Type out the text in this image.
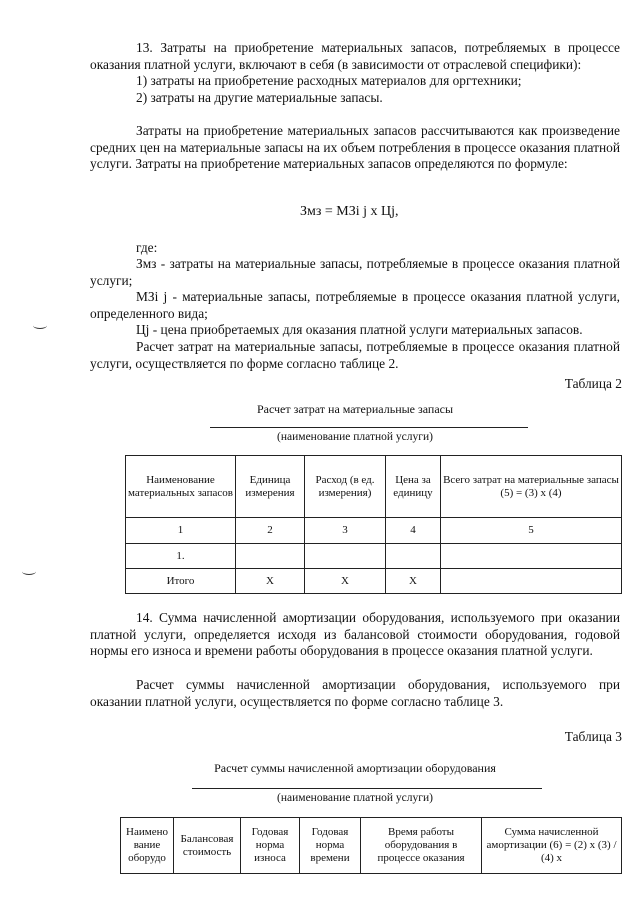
13. Затраты на приобретение материальных запасов, потребляемых в процессе оказания платной услуги, включают в себя (в зависимости от отраслевой специфики):

1) затраты на приобретение расходных материалов для оргтехники;
2) затраты на другие материальные запасы.

Затраты на приобретение материальных запасов рассчитываются как произведение средних цен на материальные запасы на их объем потребления в процессе оказания платной услуги. Затраты на приобретение материальных запасов определяются по формуле:

Змз = МЗi j x Цj,
где:

Змз - затраты на материальные запасы, потребляемые в процессе оказания платной услуги;

МЗi j - материальные запасы, потребляемые в процессе оказания платной услуги, определенного вида;

Цj - цена приобретаемых для оказания платной услуги материальных запасов.

Расчет затрат на материальные запасы, потребляемые в процессе оказания платной услуги, осуществляется по форме согласно таблице 2.

Таблица 2
Расчет затрат на материальные запасы
(наименование платной услуги)
Наименование материальных запасов	Единица измерения	Расход (в ед. измерения)	Цена за единицу	Всего затрат на материальные запасы (5) = (3) x (4)
1	2	3	4	5
1.				
Итого	X	X	X	

14. Сумма начисленной амортизации оборудования, используемого при оказании платной услуги, определяется исходя из балансовой стоимости оборудования, годовой нормы его износа и времени работы оборудования в процессе оказания платной услуги.

Расчет суммы начисленной амортизации оборудования, используемого при оказании платной услуги, осуществляется по форме согласно таблице 3.

Таблица 3
Расчет суммы начисленной амортизации оборудования
(наименование платной услуги)
Наимено вание оборудо	Балансовая стоимость	Годовая норма износа	Годовая норма времени	Время работы оборудования в процессе оказания	Сумма начисленной амортизации (6) = (2) x (3) / (4) x
